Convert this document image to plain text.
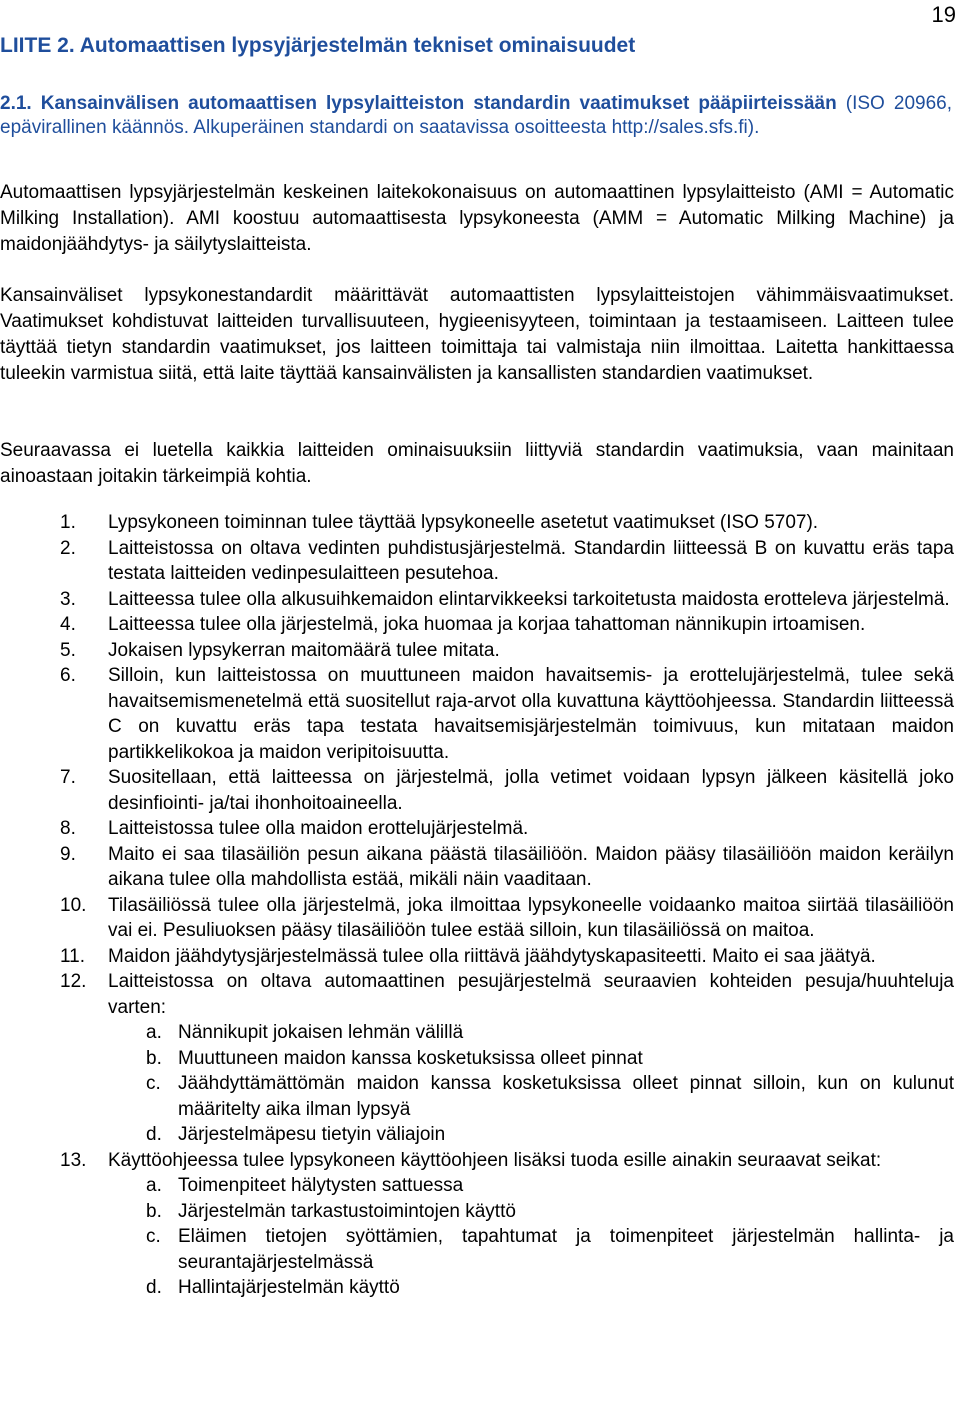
19
LIITE 2. Automaattisen lypsyjärjestelmän tekniset ominaisuudet
2.1. Kansainvälisen automaattisen lypsylaitteiston standardin vaatimukset pääpiirteissään (ISO 20966, epävirallinen käännös. Alkuperäinen standardi on saatavissa osoitteesta http://sales.sfs.fi).

Automaattisen lypsyjärjestelmän keskeinen laitekokonaisuus on automaattinen lypsylaitteisto (AMI = Automatic Milking Installation). AMI koostuu automaattisesta lypsykoneesta (AMM = Automatic Milking Machine) ja maidonjäähdytys- ja säilytyslaitteista.

Kansainväliset lypsykonestandardit määrittävät automaattisten lypsylaitteistojen vähimmäisvaatimukset. Vaatimukset kohdistuvat laitteiden turvallisuuteen, hygieenisyyteen, toimintaan ja testaamiseen. Laitteen tulee täyttää tietyn standardin vaatimukset, jos laitteen toimittaja tai valmistaja niin ilmoittaa. Laitetta hankittaessa tuleekin varmistua siitä, että laite täyttää kansainvälisten ja kansallisten standardien vaatimukset.

Seuraavassa ei luetella kaikkia laitteiden ominaisuuksiin liittyviä standardin vaatimuksia, vaan mainitaan ainoastaan joitakin tärkeimpiä kohtia.

1.	Lypsykoneen toiminnan tulee täyttää lypsykoneelle asetetut vaatimukset (ISO 5707).
2.	Laitteistossa on oltava vedinten puhdistusjärjestelmä. Standardin liitteessä B on kuvattu eräs tapa testata laitteiden vedinpesulaitteen pesutehoa.
3.	Laitteessa tulee olla alkusuihkemaidon elintarvikkeeksi tarkoitetusta maidosta erotteleva järjestelmä.
4.	Laitteessa tulee olla järjestelmä, joka huomaa ja korjaa tahattoman nännikupin irtoamisen.
5.	Jokaisen lypsykerran maitomäärä tulee mitata.
6.	Silloin, kun laitteistossa on muuttuneen maidon havaitsemis- ja erottelujärjestelmä, tulee sekä havaitsemismenetelmä että suositellut raja-arvot olla kuvattuna käyttöohjeessa. Standardin liitteessä C on kuvattu eräs tapa testata havaitsemisjärjestelmän toimivuus, kun mitataan maidon partikkelikokoa ja maidon veripitoisuutta.
7.	Suositellaan, että laitteessa on järjestelmä, jolla vetimet voidaan lypsyn jälkeen käsitellä joko desinfiointi- ja/tai ihonhoitoaineella.
8.	Laitteistossa tulee olla maidon erottelujärjestelmä.
9.	Maito ei saa tilasäiliön pesun aikana päästä tilasäiliöön. Maidon pääsy tilasäiliöön maidon keräilyn aikana tulee olla mahdollista estää, mikäli näin vaaditaan.
10.	Tilasäiliössä tulee olla järjestelmä, joka ilmoittaa lypsykoneelle voidaanko maitoa siirtää tilasäiliöön vai ei. Pesuliuoksen pääsy tilasäiliöön tulee estää silloin, kun tilasäiliössä on maitoa.
11.	Maidon jäähdytysjärjestelmässä tulee olla riittävä jäähdytyskapasiteetti. Maito ei saa jäätyä.
12.	Laitteistossa on oltava automaattinen pesujärjestelmä seuraavien kohteiden pesuja/huuhteluja varten:
a. Nännikupit jokaisen lehmän välillä
b. Muuttuneen maidon kanssa kosketuksissa olleet pinnat
c. Jäähdyttämättömän maidon kanssa kosketuksissa olleet pinnat silloin, kun on kulunut määritelty aika ilman lypsyä
d. Järjestelmäpesu tietyin väliajoin
13.	Käyttöohjeessa tulee lypsykoneen käyttöohjeen lisäksi tuoda esille ainakin seuraavat seikat:
a. Toimenpiteet hälytysten sattuessa
b. Järjestelmän tarkastustoimintojen käyttö
c. Eläimen tietojen syöttämien, tapahtumat ja toimenpiteet järjestelmän hallinta- ja seurantajärjestelmässä
d. Hallintajärjestelmän käyttö
